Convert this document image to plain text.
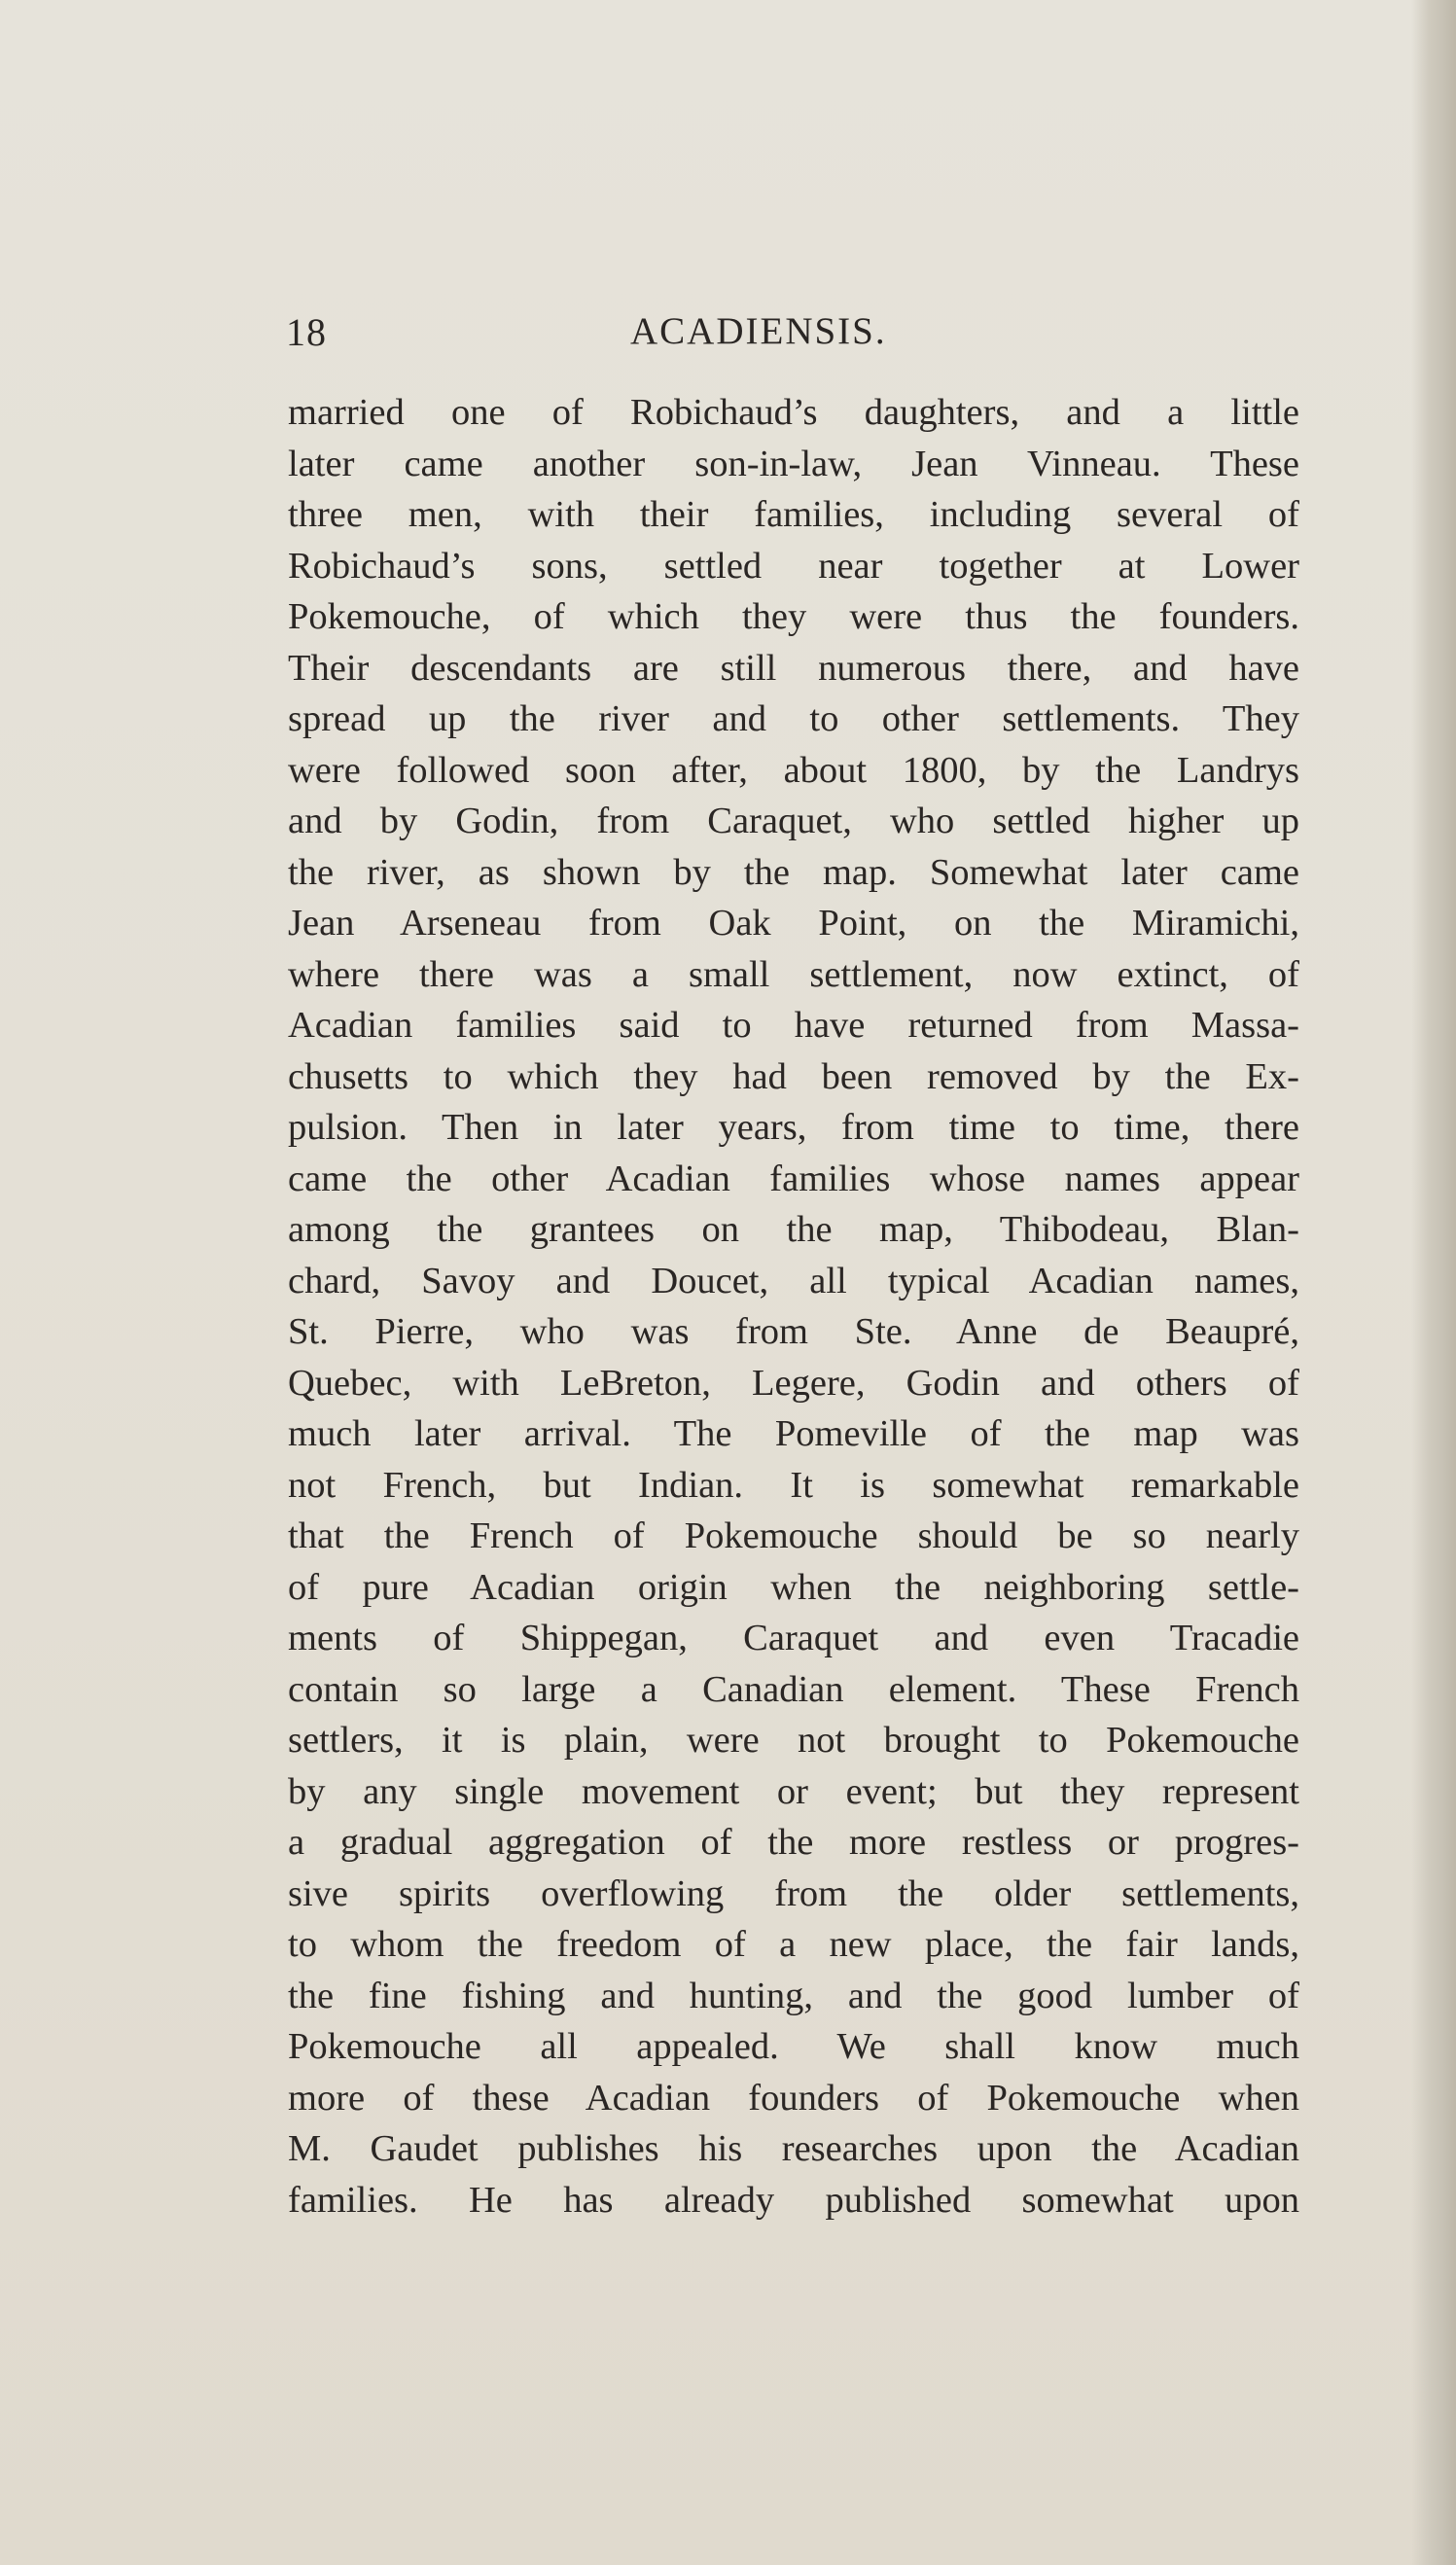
18	ACADIENSIS.
married one of Robichaud’s daughters, and a little
later came another son-in-law, Jean Vinneau. These
three men, with their families, including several of
Robichaud’s sons, settled near together at Lower
Pokemouche, of which they were thus the founders.
Their descendants are still numerous there, and have
spread up the river and to other settlements. They
were followed soon after, about 1800, by the Landrys
and by Godin, from Caraquet, who settled higher up
the river, as shown by the map. Somewhat later came
Jean Arseneau from Oak Point, on the Miramichi,
where there was a small settlement, now extinct, of
Acadian families said to have returned from Massa-
chusetts to which they had been removed by the Ex-
pulsion. Then in later years, from time to time, there
came the other Acadian families whose names appear
among the grantees on the map, Thibodeau, Blan-
chard, Savoy and Doucet, all typical Acadian names,
St. Pierre, who was from Ste. Anne de Beaupré,
Quebec, with LeBreton, Legere, Godin and others of
much later arrival. The Pomeville of the map was
not French, but Indian. It is somewhat remarkable
that the French of Pokemouche should be so nearly
of pure Acadian origin when the neighboring settle-
ments of Shippegan, Caraquet and even Tracadie
contain so large a Canadian element. These French
settlers, it is plain, were not brought to Pokemouche
by any single movement or event; but they represent
a gradual aggregation of the more restless or progres-
sive spirits overflowing from the older settlements,
to whom the freedom of a new place, the fair lands,
the fine fishing and hunting, and the good lumber of
Pokemouche all appealed. We shall know much
more of these Acadian founders of Pokemouche when
M. Gaudet publishes his researches upon the Acadian
families. He has already published somewhat upon
